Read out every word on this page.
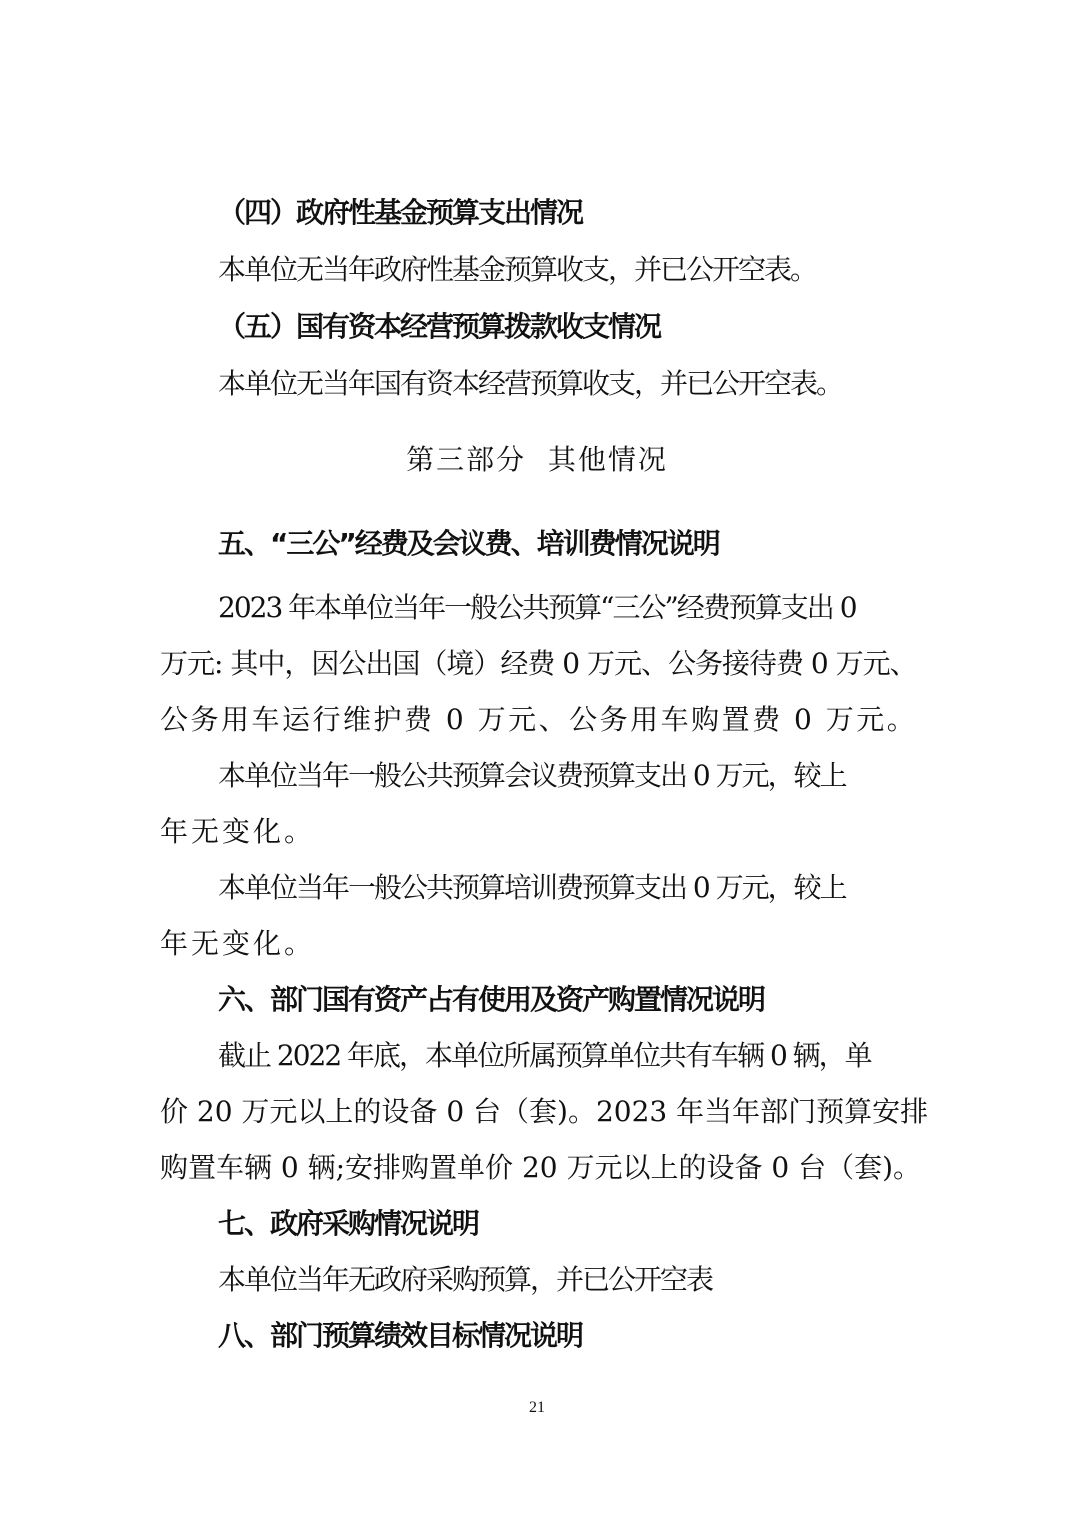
（四）政府性基金预算支出情况
本单位无当年政府性基金预算收支，并已公开空表。
（五）国有资本经营预算拨款收支情况
本单位无当年国有资本经营预算收支，并已公开空表。
第三部分  其他情况
五、“三公”经费及会议费、培训费情况说明
2023 年本单位当年一般公共预算“三公”经费预算支出 0
万元: 其中，因公出国（境）经费 0 万元、公务接待费 0 万元、
公务用车运行维护费 0 万元、公务用车购置费 0 万元。
本单位当年一般公共预算会议费预算支出 0 万元，较上
年无变化。
本单位当年一般公共预算培训费预算支出 0 万元，较上
年无变化。
六、部门国有资产占有使用及资产购置情况说明
截止 2022 年底，本单位所属预算单位共有车辆 0 辆，单
价 20 万元以上的设备 0 台（套)。2023 年当年部门预算安排
购置车辆 0 辆;安排购置单价 20 万元以上的设备 0 台（套)。
七、政府采购情况说明
本单位当年无政府采购预算，并已公开空表
八、部门预算绩效目标情况说明
21
